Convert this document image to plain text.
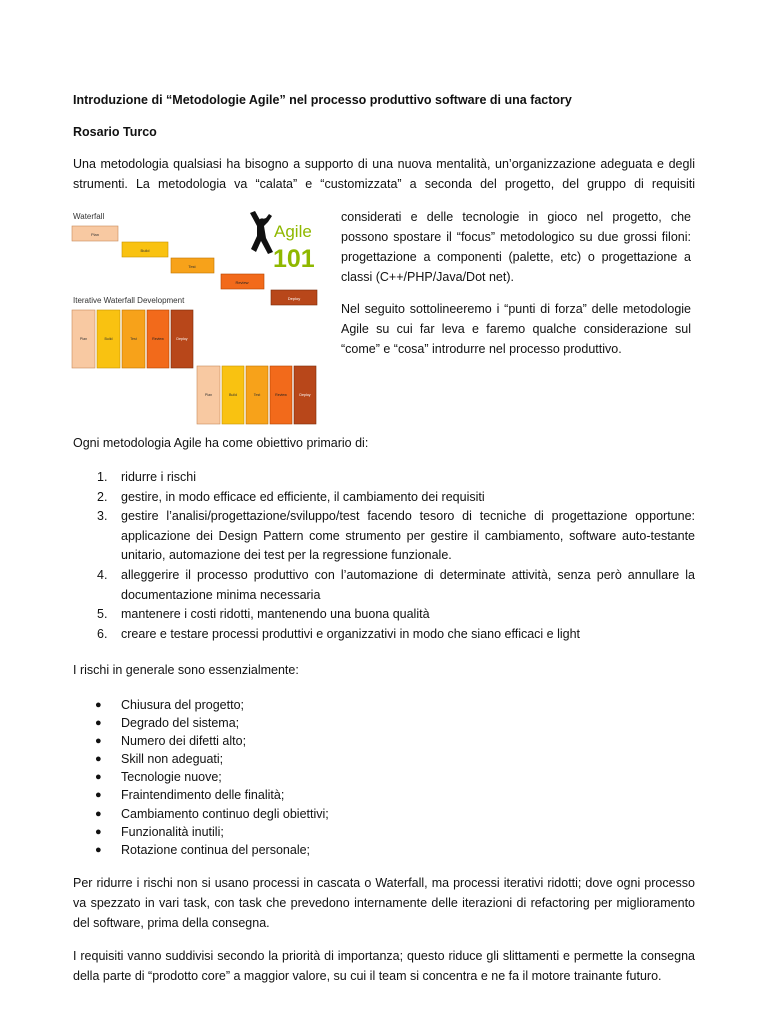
Introduzione di “Metodologie Agile” nel processo produttivo software di una factory
Rosario Turco
Una metodologia qualsiasi ha bisogno a supporto di una nuova mentalità, un’organizzazione adeguata e degli strumenti. La metodologia va “calata” e “customizzata” a seconda del progetto, del gruppo di requisiti
Waterfall
Plan
Build
Test
Review
Deploy
Agile
101
Iterative Waterfall Development
Plan	Build	Test	Review	Deploy
Plan	Build	Test	Review	Deploy
considerati e delle tecnologie in gioco nel progetto, che possono spostare il “focus” metodologico su due grossi filoni: progettazione a componenti (palette, etc) o progettazione a classi (C++/PHP/Java/Dot net).
Nel seguito sottolineeremo i “punti di forza” delle metodologie Agile su cui far leva e faremo qualche considerazione sul “come” e “cosa” introdurre nel processo produttivo.
Ogni metodologia Agile ha come obiettivo primario di:
1. ridurre i rischi
2. gestire, in modo efficace ed efficiente, il cambiamento dei requisiti
3. gestire l’analisi/progettazione/sviluppo/test facendo tesoro di tecniche di progettazione opportune: applicazione dei Design Pattern come strumento per gestire il cambiamento, software auto-testante unitario, automazione dei test per la regressione funzionale.
4. alleggerire il processo produttivo con l’automazione di determinate attività, senza però annullare la documentazione minima necessaria
5. mantenere i costi ridotti, mantenendo una buona qualità
6. creare e testare processi produttivi e organizzativi in modo che siano efficaci e light
I rischi in generale sono essenzialmente:
● Chiusura del progetto;
● Degrado del sistema;
● Numero dei difetti alto;
● Skill non adeguati;
● Tecnologie nuove;
● Fraintendimento delle finalità;
● Cambiamento continuo degli obiettivi;
● Funzionalità inutili;
● Rotazione continua del personale;
Per ridurre i rischi non si usano processi in cascata o Waterfall, ma processi iterativi ridotti; dove ogni processo va spezzato in vari task, con task che prevedono internamente delle iterazioni di refactoring per miglioramento del software, prima della consegna.
I requisiti vanno suddivisi secondo la priorità di importanza; questo riduce gli slittamenti e permette la consegna della parte di “prodotto core” a maggior valore, su cui il team si concentra e ne fa il motore trainante futuro.
